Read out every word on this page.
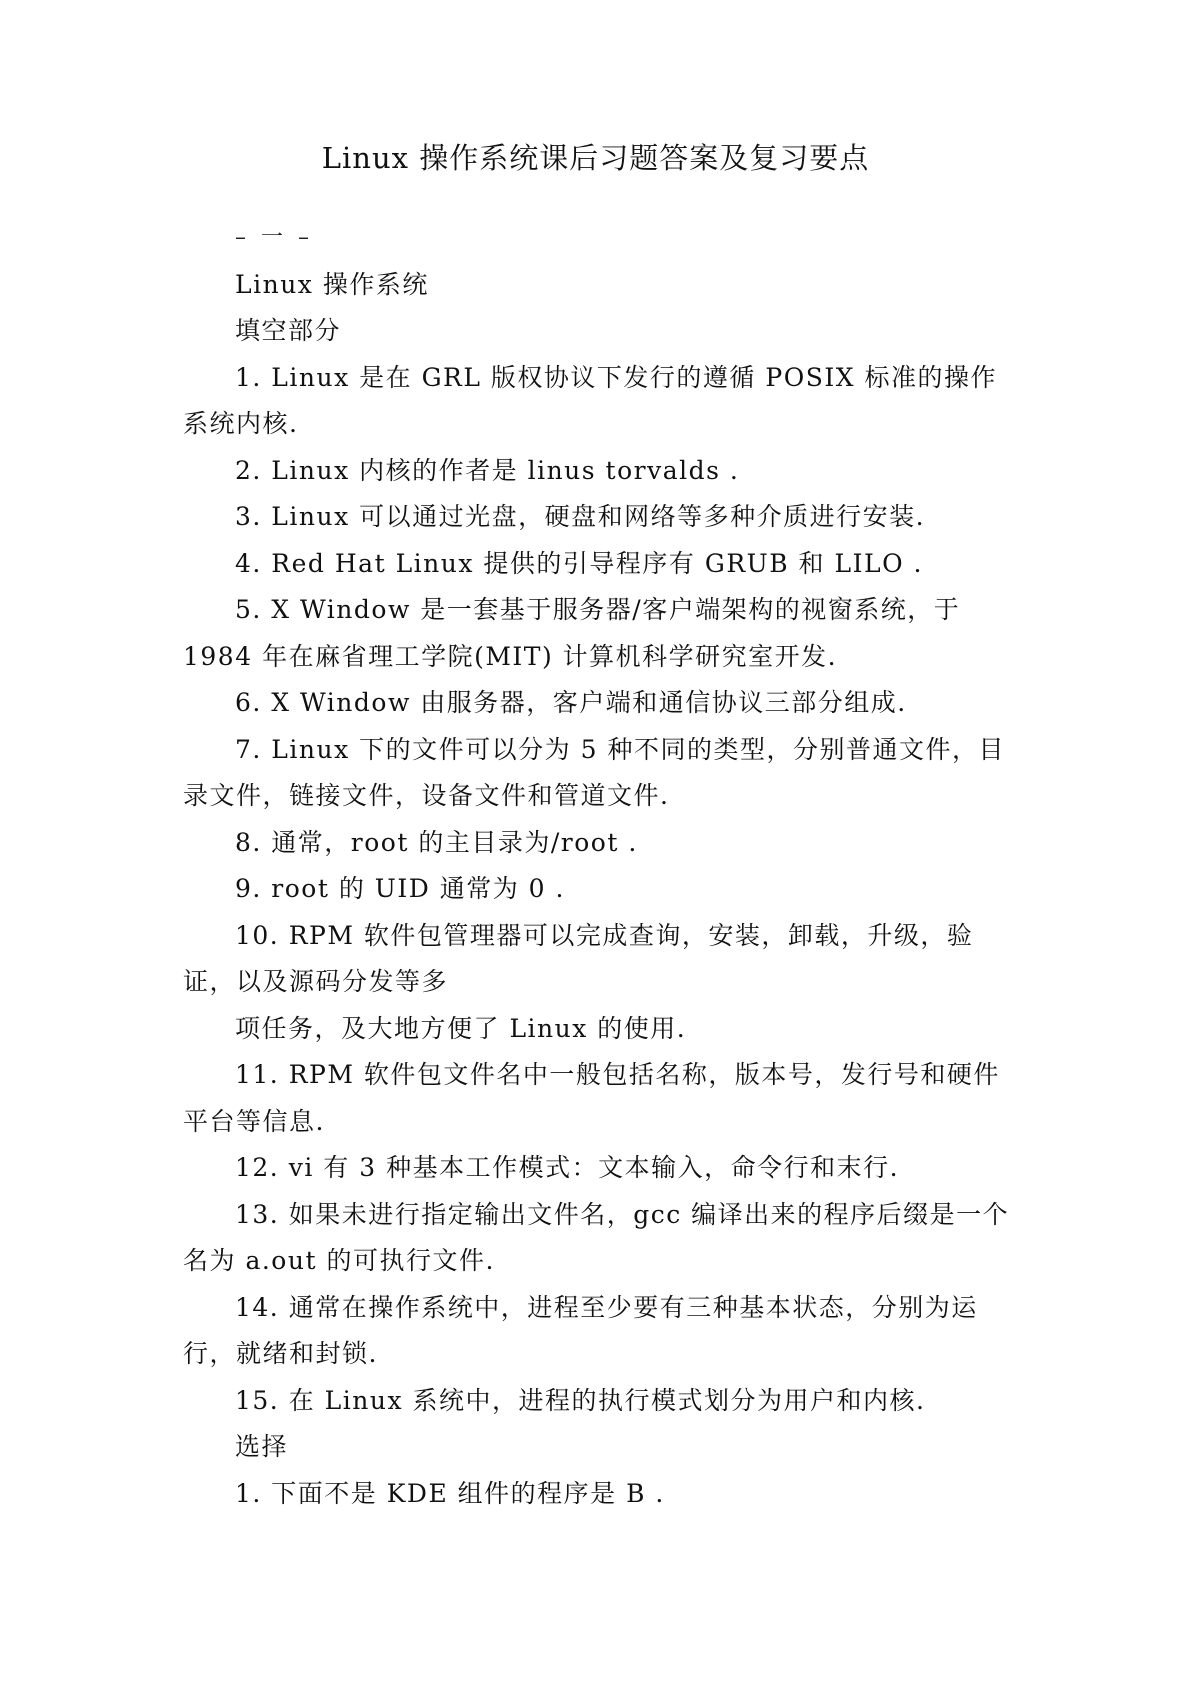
Linux 操作系统课后习题答案及复习要点

– 一 –

Linux 操作系统

填空部分

1. Linux 是在 GRL 版权协议下发行的遵循 POSIX 标准的操作系统内核.

2. Linux 内核的作者是 linus torvalds .

3. Linux 可以通过光盘，硬盘和网络等多种介质进行安装.

4. Red Hat Linux 提供的引导程序有 GRUB 和 LILO .

5. X Window 是一套基于服务器/客户端架构的视窗系统，于 1984 年在麻省理工学院(MIT) 计算机科学研究室开发.

6. X Window 由服务器，客户端和通信协议三部分组成.

7. Linux 下的文件可以分为 5 种不同的类型，分别普通文件，目录文件，链接文件，设备文件和管道文件.

8. 通常，root 的主目录为/root .

9. root 的 UID 通常为 0 .

10. RPM 软件包管理器可以完成查询，安装，卸载，升级，验证，以及源码分发等多

项任务，及大地方便了 Linux 的使用.

11. RPM 软件包文件名中一般包括名称，版本号，发行号和硬件平台等信息.

12. vi 有 3 种基本工作模式：文本输入，命令行和末行.

13. 如果未进行指定输出文件名，gcc 编译出来的程序后缀是一个名为 a.out 的可执行文件.

14. 通常在操作系统中，进程至少要有三种基本状态，分别为运行，就绪和封锁.

15. 在 Linux 系统中，进程的执行模式划分为用户和内核.

选择

1. 下面不是 KDE 组件的程序是 B .
